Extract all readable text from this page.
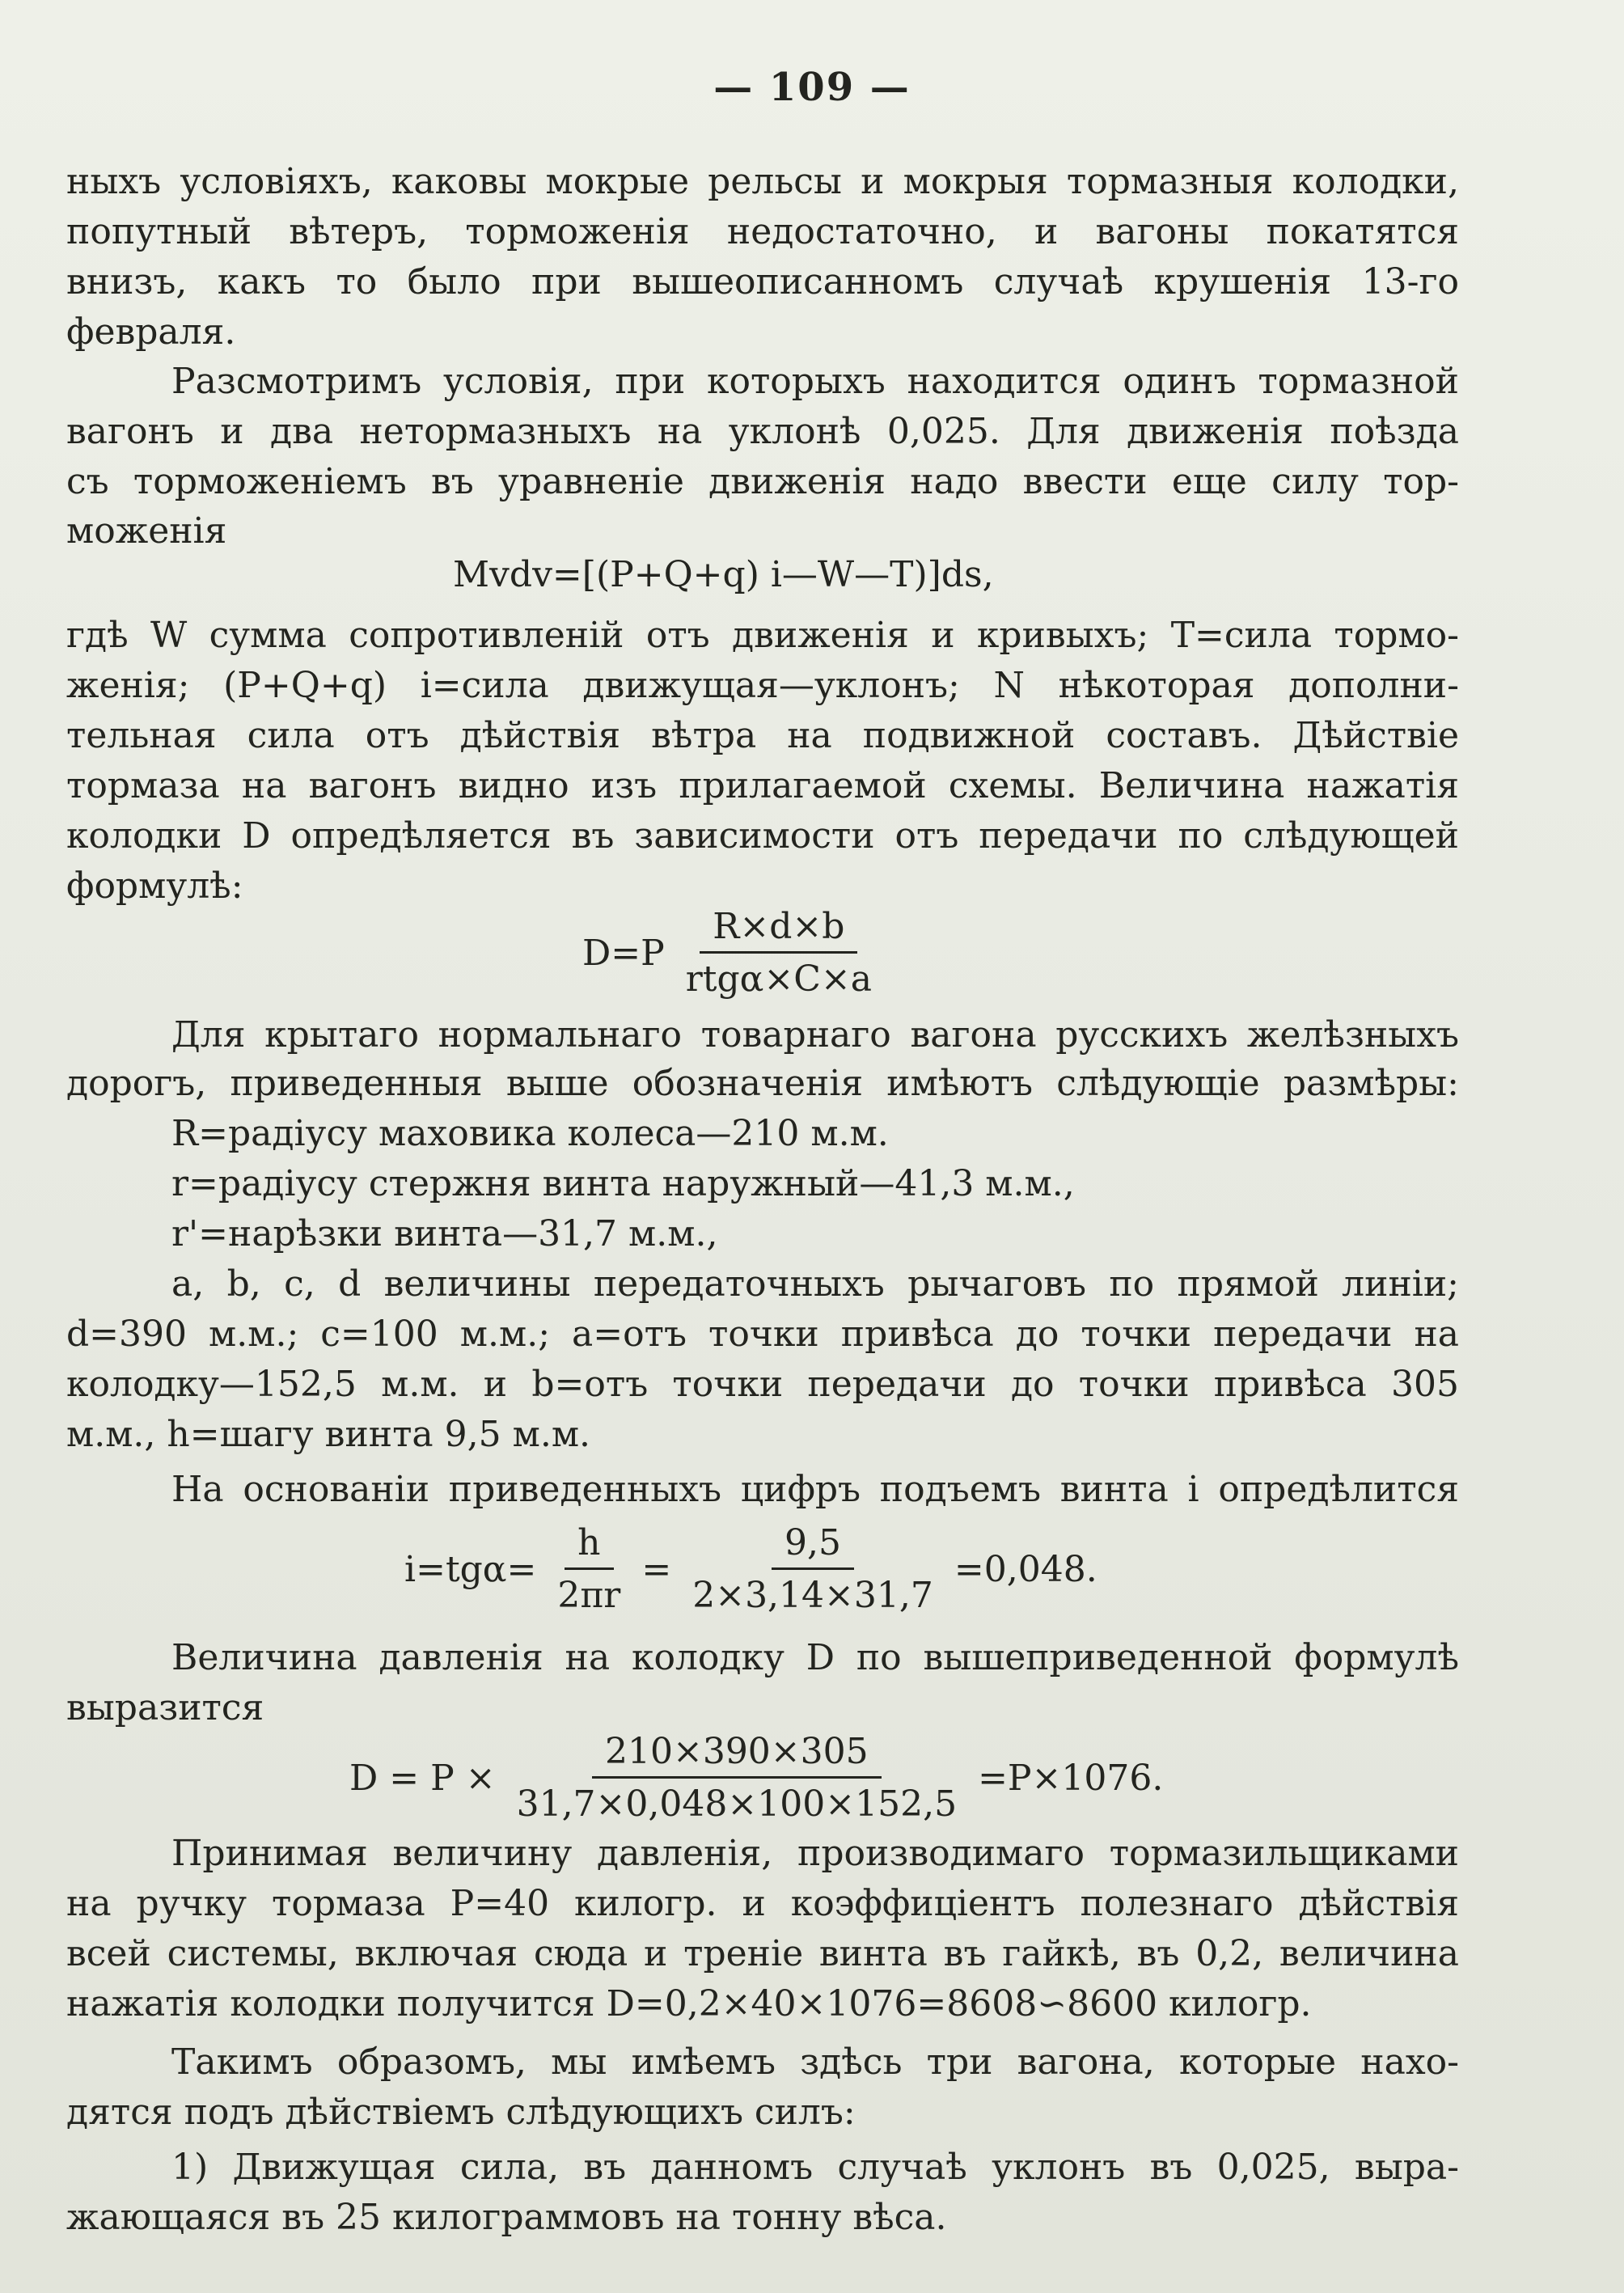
— 109 —
ныхъ условіяхъ, каковы мокрые рельсы и мокрыя тормазныя колодки,
попутный вѣтеръ, торможенія недостаточно, и вагоны покатятся
внизъ, какъ то было при вышеописанномъ случаѣ крушенія 13-го
февраля.
Разсмотримъ условія, при которыхъ находится одинъ тормазной
вагонъ и два нетормазныхъ на уклонѣ 0,025. Для движенія поѣзда
съ торможеніемъ въ уравненіе движенія надо ввести еще силу тор-
моженія
Mvdv=[(P+Q+q) i—W—T)]ds,
гдѣ W сумма сопротивленій отъ движенія и кривыхъ; T=сила тормо-
женія; (P+Q+q) i=сила движущая—уклонъ; N нѣкоторая дополни-
тельная сила отъ дѣйствія вѣтра на подвижной составъ. Дѣйствіе
тормаза на вагонъ видно изъ прилагаемой схемы. Величина нажатія
колодки D опредѣляется въ зависимости отъ передачи по слѣдующей
формулѣ:
$D=P \frac{R\times d\times b}{\text{rtgα×C×a}}$
Для крытаго нормальнаго товарнаго вагона русскихъ желѣзныхъ
дорогъ, приведенныя выше обозначенія имѣютъ слѣдующіе размѣры:
R=радіусу маховика колеса—210 м.м.
r=радіусу стержня винта наружный—41,3 м.м.,
r'=нарѣзки винта—31,7 м.м.,
a, b, c, d величины передаточныхъ рычаговъ по прямой линіи;
d=390 м.м.; c=100 м.м.; a=отъ точки привѣса до точки передачи на
колодку—152,5 м.м. и b=отъ точки передачи до точки привѣса 305
м.м., h=шагу винта 9,5 м.м.
На основаніи приведенныхъ цифръ подъемъ винта i опредѣлится
$i=tg\alpha= \frac{h}{2\pi r} = \frac{9,5}{2\times 3,14\times 31,7} =0,048$.
Величина давленія на колодку D по вышеприведенной формулѣ
выразится
$D = P \times \frac{210\times 390\times 305}{31,7\times 0,048\times 100\times 152,5} =P\times 1076$.
Принимая величину давленія, производимаго тормазильщиками
на ручку тормаза P=40 килогр. и коэффиціентъ полезнаго дѣйствія
всей системы, включая сюда и треніе винта въ гайкѣ, въ 0,2, величина
нажатія колодки получится D=0,2×40×1076=8608∽8600 килогр.
Такимъ образомъ, мы имѣемъ здѣсь три вагона, которые нахо-
дятся подъ дѣйствіемъ слѣдующихъ силъ:
1) Движущая сила, въ данномъ случаѣ уклонъ въ 0,025, выра-
жающаяся въ 25 килограммовъ на тонну вѣса.
